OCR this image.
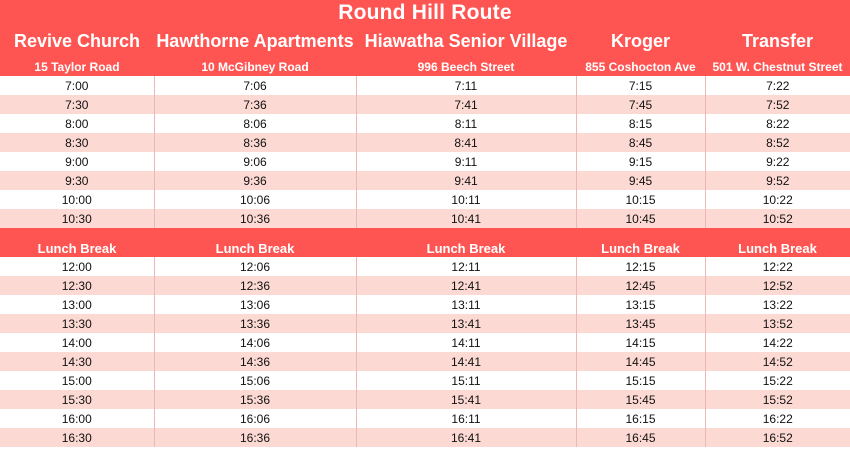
Round Hill Route				
Revive Church	Hawthorne Apartments	Hiawatha Senior Village	Kroger	Transfer
15 Taylor Road	10 McGibney Road	996 Beech Street	855 Coshocton Ave	501 W. Chestnut Street
7:00	7:06	7:11	7:15	7:22
7:30	7:36	7:41	7:45	7:52
8:00	8:06	8:11	8:15	8:22
8:30	8:36	8:41	8:45	8:52
9:00	9:06	9:11	9:15	9:22
9:30	9:36	9:41	9:45	9:52
10:00	10:06	10:11	10:15	10:22
10:30	10:36	10:41	10:45	10:52

Lunch Break	Lunch Break	Lunch Break	Lunch Break	Lunch Break
12:00	12:06	12:11	12:15	12:22
12:30	12:36	12:41	12:45	12:52
13:00	13:06	13:11	13:15	13:22
13:30	13:36	13:41	13:45	13:52
14:00	14:06	14:11	14:15	14:22
14:30	14:36	14:41	14:45	14:52
15:00	15:06	15:11	15:15	15:22
15:30	15:36	15:41	15:45	15:52
16:00	16:06	16:11	16:15	16:22
16:30	16:36	16:41	16:45	16:52
